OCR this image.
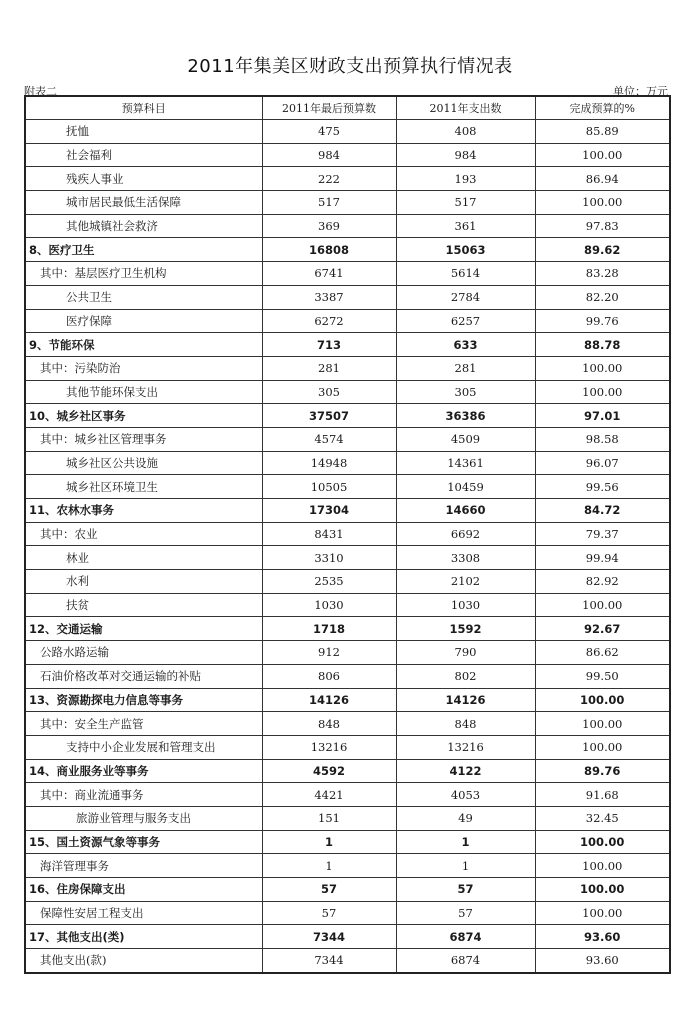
2011年集美区财政支出预算执行情况表
附表二	单位：万元
预算科目	2011年最后预算数	2011年支出数	完成预算的%
抚恤	475	408	85.89
社会福利	984	984	100.00
残疾人事业	222	193	86.94
城市居民最低生活保障	517	517	100.00
其他城镇社会救济	369	361	97.83
8、医疗卫生	16808	15063	89.62
其中：基层医疗卫生机构	6741	5614	83.28
公共卫生	3387	2784	82.20
医疗保障	6272	6257	99.76
9、节能环保	713	633	88.78
其中：污染防治	281	281	100.00
其他节能环保支出	305	305	100.00
10、城乡社区事务	37507	36386	97.01
其中：城乡社区管理事务	4574	4509	98.58
城乡社区公共设施	14948	14361	96.07
城乡社区环境卫生	10505	10459	99.56
11、农林水事务	17304	14660	84.72
其中：农业	8431	6692	79.37
林业	3310	3308	99.94
水利	2535	2102	82.92
扶贫	1030	1030	100.00
12、交通运输	1718	1592	92.67
公路水路运输	912	790	86.62
石油价格改革对交通运输的补贴	806	802	99.50
13、资源勘探电力信息等事务	14126	14126	100.00
其中：安全生产监管	848	848	100.00
支持中小企业发展和管理支出	13216	13216	100.00
14、商业服务业等事务	4592	4122	89.76
其中：商业流通事务	4421	4053	91.68
旅游业管理与服务支出	151	49	32.45
15、国土资源气象等事务	1	1	100.00
海洋管理事务	1	1	100.00
16、住房保障支出	57	57	100.00
保障性安居工程支出	57	57	100.00
17、其他支出(类)	7344	6874	93.60
其他支出(款)	7344	6874	93.60
